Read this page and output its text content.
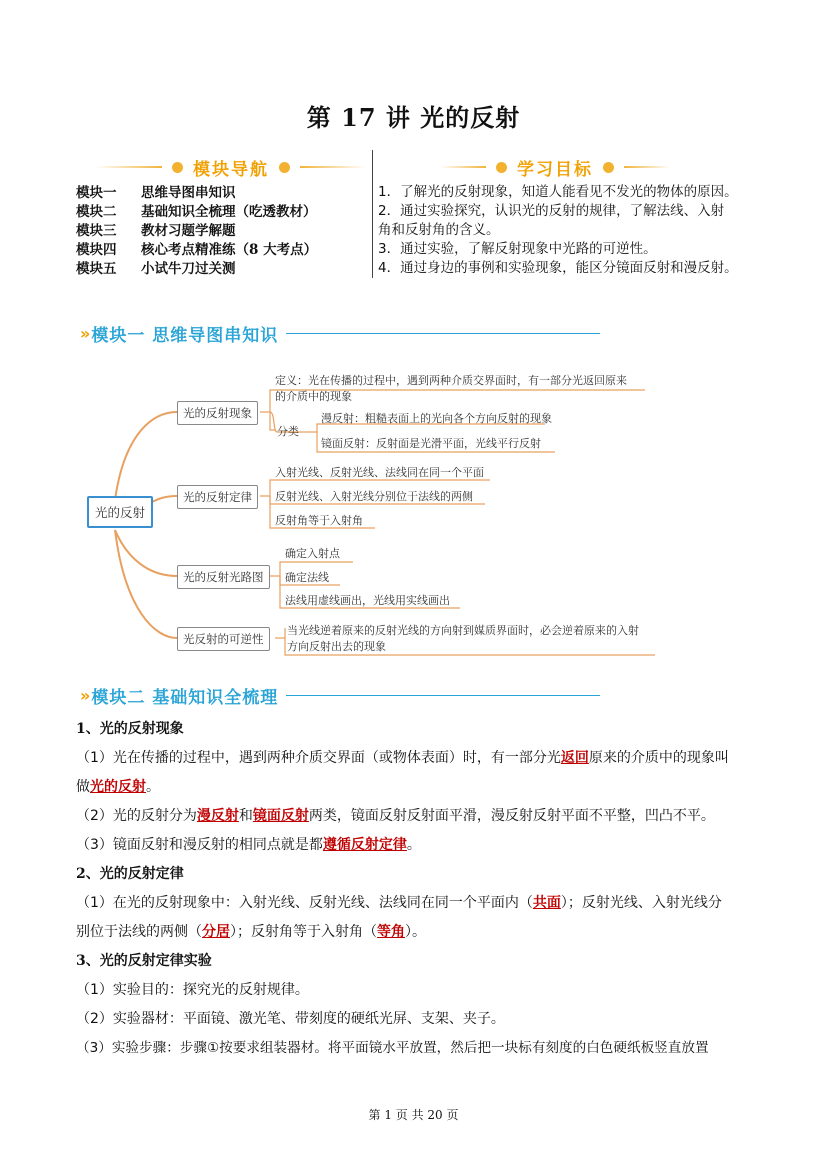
第 17 讲 光的反射
模块导航	学习目标
模块一	思维导图串知识
模块二	基础知识全梳理（吃透教材）
模块三	教材习题学解题
模块四	核心考点精准练（8 大考点）
模块五	小试牛刀过关测
1．了解光的反射现象，知道人能看见不发光的物体的原因。
2．通过实验探究，认识光的反射的规律，了解法线、入射
角和反射角的含义。
3．通过实验，了解反射现象中光路的可逆性。
4．通过身边的事例和实验现象，能区分镜面反射和漫反射。
» 模块一 思维导图串知识
光的反射
光的反射现象
定义：光在传播的过程中，遇到两种介质交界面时，有一部分光返回原来
的介质中的现象
分类
漫反射：粗糙表面上的光向各个方向反射的现象
镜面反射：反射面是光滑平面，光线平行反射
光的反射定律
入射光线、反射光线、法线同在同一个平面
反射光线、入射光线分别位于法线的两侧
反射角等于入射角
光的反射光路图
确定入射点
确定法线
法线用虚线画出，光线用实线画出
光反射的可逆性
当光线逆着原来的反射光线的方向射到媒质界面时，必会逆着原来的入射
方向反射出去的现象
» 模块二 基础知识全梳理
1、光的反射现象
（1）光在传播的过程中，遇到两种介质交界面（或物体表面）时，有一部分光返回原来的介质中的现象叫
做光的反射。
（2）光的反射分为漫反射和镜面反射两类，镜面反射反射面平滑，漫反射反射平面不平整，凹凸不平。
（3）镜面反射和漫反射的相同点就是都遵循反射定律。
2、光的反射定律
（1）在光的反射现象中：入射光线、反射光线、法线同在同一个平面内（共面）；反射光线、入射光线分
别位于法线的两侧（分居）；反射角等于入射角（等角）。
3、光的反射定律实验
（1）实验目的：探究光的反射规律。
（2）实验器材：平面镜、激光笔、带刻度的硬纸光屏、支架、夹子。
（3）实验步骤：步骤①按要求组装器材。将平面镜水平放置，然后把一块标有刻度的白色硬纸板竖直放置
第 1 页 共 20 页
